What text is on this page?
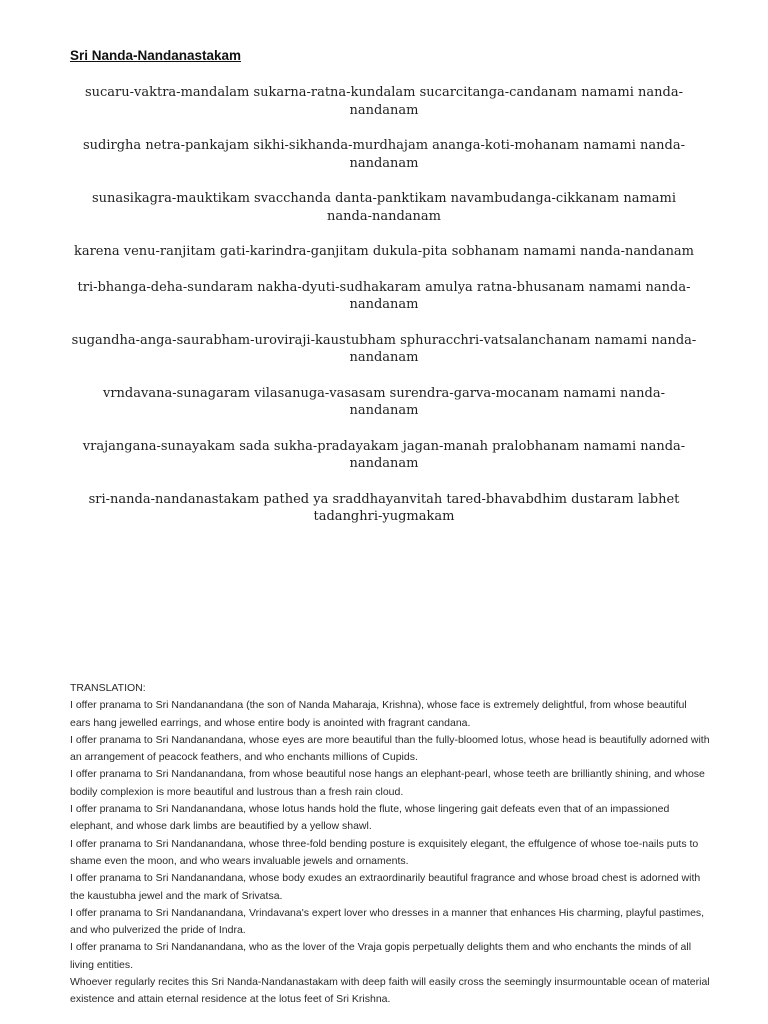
Sri Nanda-Nandanastakam

sucaru-vaktra-mandalam sukarna-ratna-kundalam sucarcitanga-candanam namami nanda-nandanam

sudirgha netra-pankajam sikhi-sikhanda-murdhajam ananga-koti-mohanam namami nanda-nandanam

sunasikagra-mauktikam svacchanda danta-panktikam navambudanga-cikkanam namami nanda-nandanam

karena venu-ranjitam gati-karindra-ganjitam dukula-pita sobhanam namami nanda-nandanam

tri-bhanga-deha-sundaram nakha-dyuti-sudhakaram amulya ratna-bhusanam namami nanda-nandanam

sugandha-anga-saurabham-uroviraji-kaustubham sphuracchri-vatsalanchanam namami nanda-nandanam

vrndavana-sunagaram vilasanuga-vasasam surendra-garva-mocanam namami nanda-nandanam

vrajangana-sunayakam sada sukha-pradayakam jagan-manah pralobhanam namami nanda-nandanam

sri-nanda-nandanastakam pathed ya sraddhayanvitah tared-bhavabdhim dustaram labhet tadanghri-yugmakam

TRANSLATION:

I offer pranama to Sri Nandanandana (the son of Nanda Maharaja, Krishna), whose face is extremely delightful, from whose beautiful ears hang jewelled earrings, and whose entire body is anointed with fragrant candana.

I offer pranama to Sri Nandanandana, whose eyes are more beautiful than the fully-bloomed lotus, whose head is beautifully adorned with an arrangement of peacock feathers, and who enchants millions of Cupids.

I offer pranama to Sri Nandanandana, from whose beautiful nose hangs an elephant-pearl, whose teeth are brilliantly shining, and whose bodily complexion is more beautiful and lustrous than a fresh rain cloud.

I offer pranama to Sri Nandanandana, whose lotus hands hold the flute, whose lingering gait defeats even that of an impassioned elephant, and whose dark limbs are beautified by a yellow shawl.

I offer pranama to Sri Nandanandana, whose three-fold bending posture is exquisitely elegant, the effulgence of whose toe-nails puts to shame even the moon, and who wears invaluable jewels and ornaments.

I offer pranama to Sri Nandanandana, whose body exudes an extraordinarily beautiful fragrance and whose broad chest is adorned with the kaustubha jewel and the mark of Srivatsa.

I offer pranama to Sri Nandanandana, Vrindavana's expert lover who dresses in a manner that enhances His charming, playful pastimes, and who pulverized the pride of Indra.

I offer pranama to Sri Nandanandana, who as the lover of the Vraja gopis perpetually delights them and who enchants the minds of all living entities.

Whoever regularly recites this Sri Nanda-Nandanastakam with deep faith will easily cross the seemingly insurmountable ocean of material existence and attain eternal residence at the lotus feet of Sri Krishna.
